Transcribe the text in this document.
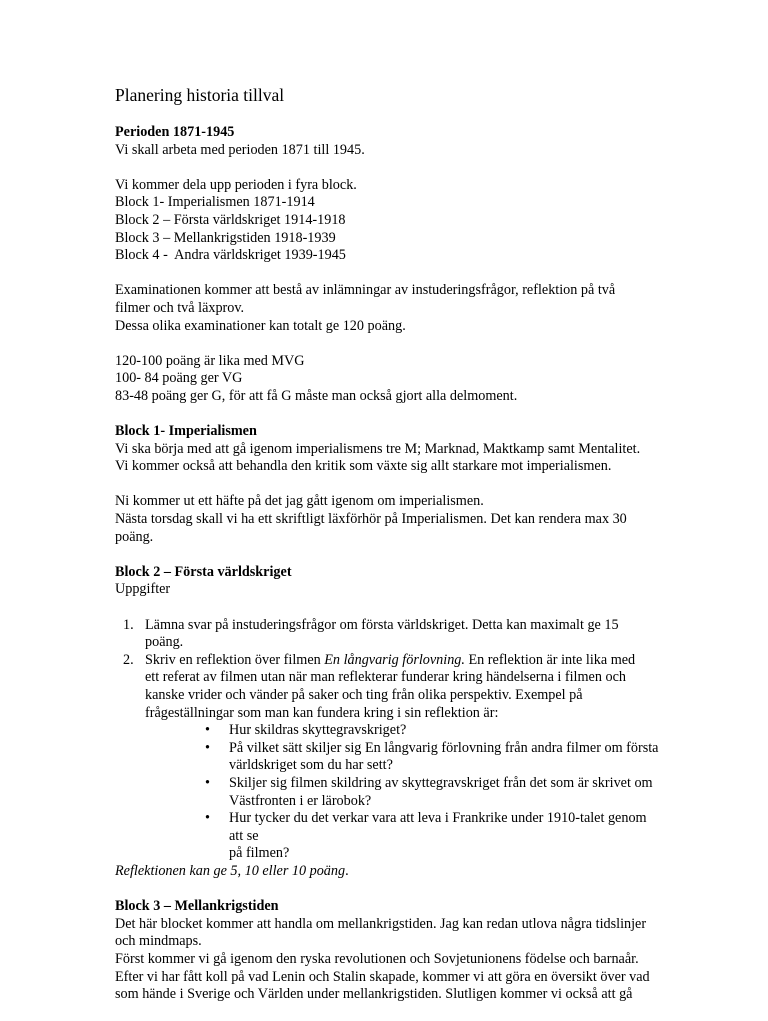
Planering historia tillval

Perioden 1871-1945
Vi skall arbeta med perioden 1871 till 1945.

Vi kommer dela upp perioden i fyra block.
Block 1- Imperialismen 1871-1914
Block 2 – Första världskriget 1914-1918
Block 3 – Mellankrigstiden 1918-1939
Block 4 -  Andra världskriget 1939-1945

Examinationen kommer att bestå av inlämningar av instuderingsfrågor, reflektion på två
filmer och två läxprov.
Dessa olika examinationer kan totalt ge 120 poäng.

120-100 poäng är lika med MVG
100- 84 poäng ger VG
83-48 poäng ger G, för att få G måste man också gjort alla delmoment.

Block 1- Imperialismen
Vi ska börja med att gå igenom imperialismens tre M; Marknad, Maktkamp samt Mentalitet.
Vi kommer också att behandla den kritik som växte sig allt starkare mot imperialismen.

Ni kommer ut ett häfte på det jag gått igenom om imperialismen.
Nästa torsdag skall vi ha ett skriftligt läxförhör på Imperialismen. Det kan rendera max 30
poäng.

Block 2 – Första världskriget
Uppgifter

1. Lämna svar på instuderingsfrågor om första världskriget. Detta kan maximalt ge 15
poäng.
2. Skriv en reflektion över filmen En långvarig förlovning. En reflektion är inte lika med
ett referat av filmen utan när man reflekterar funderar kring händelserna i filmen och
kanske vrider och vänder på saker och ting från olika perspektiv. Exempel på
frågeställningar som man kan fundera kring i sin reflektion är:
• Hur skildras skyttegravskriget?
• På vilket sätt skiljer sig En långvarig förlovning från andra filmer om första
världskriget som du har sett?
• Skiljer sig filmen skildring av skyttegravskriget från det som är skrivet om
Västfronten i er lärobok?
• Hur tycker du det verkar vara att leva i Frankrike under 1910-talet genom att se
på filmen?
Reflektionen kan ge 5, 10 eller 10 poäng.

Block 3 – Mellankrigstiden
Det här blocket kommer att handla om mellankrigstiden. Jag kan redan utlova några tidslinjer
och mindmaps.
Först kommer vi gå igenom den ryska revolutionen och Sovjetunionens födelse och barnaår.
Efter vi har fått koll på vad Lenin och Stalin skapade, kommer vi att göra en översikt över vad
som hände i Sverige och Världen under mellankrigstiden. Slutligen kommer vi också att gå
